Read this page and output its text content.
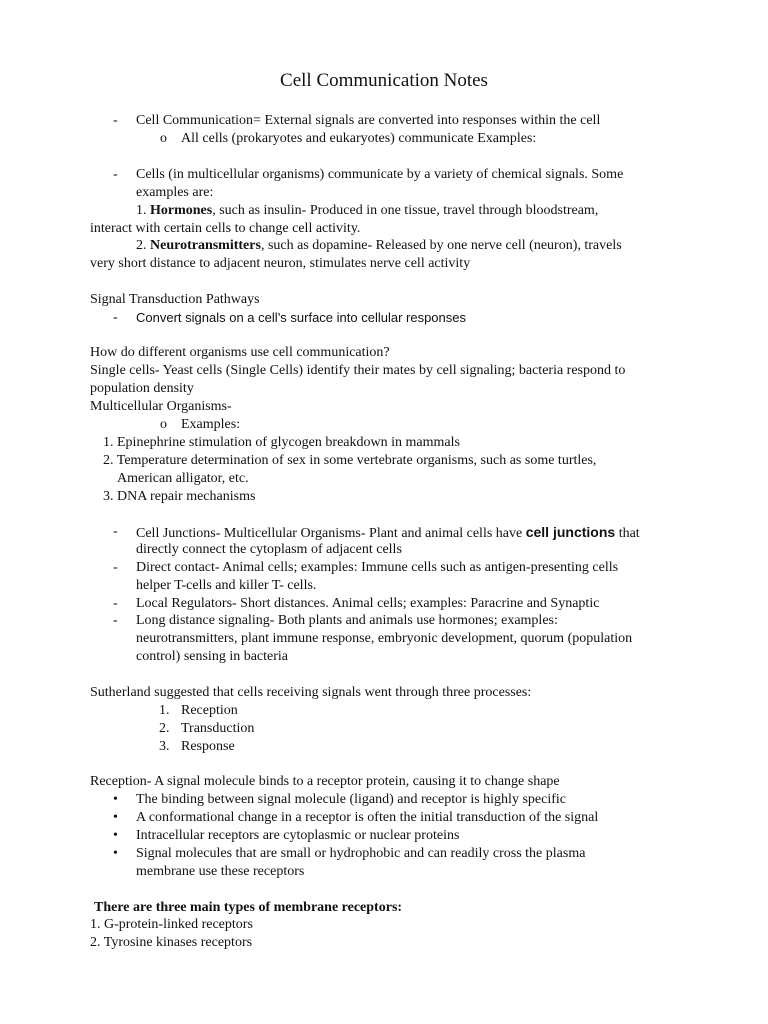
Cell Communication Notes
- Cell Communication= External signals are converted into responses within the cell
o All cells (prokaryotes and eukaryotes) communicate Examples:
- Cells (in multicellular organisms) communicate by a variety of chemical signals. Some
examples are:
1. Hormones, such as insulin- Produced in one tissue, travel through bloodstream,
interact with certain cells to change cell activity.
2. Neurotransmitters, such as dopamine- Released by one nerve cell (neuron), travels
very short distance to adjacent neuron, stimulates nerve cell activity
Signal Transduction Pathways
- Convert signals on a cell’s surface into cellular responses
How do different organisms use cell communication?
Single cells- Yeast cells (Single Cells) identify their mates by cell signaling; bacteria respond to
population density
Multicellular Organisms-
o Examples:
1. Epinephrine stimulation of glycogen breakdown in mammals
2. Temperature determination of sex in some vertebrate organisms, such as some turtles,
American alligator, etc.
3. DNA repair mechanisms
- Cell Junctions- Multicellular Organisms- Plant and animal cells have cell junctions that
directly connect the cytoplasm of adjacent cells
- Direct contact- Animal cells; examples: Immune cells such as antigen-presenting cells
helper T-cells and killer T- cells.
- Local Regulators- Short distances. Animal cells; examples: Paracrine and Synaptic
- Long distance signaling- Both plants and animals use hormones; examples:
neurotransmitters, plant immune response, embryonic development, quorum (population
control) sensing in bacteria
Sutherland suggested that cells receiving signals went through three processes:
1. Reception
2. Transduction
3. Response
Reception- A signal molecule binds to a receptor protein, causing it to change shape
• The binding between signal molecule (ligand) and receptor is highly specific
• A conformational change in a receptor is often the initial transduction of the signal
• Intracellular receptors are cytoplasmic or nuclear proteins
• Signal molecules that are small or hydrophobic and can readily cross the plasma
membrane use these receptors
There are three main types of membrane receptors:
1. G-protein-linked receptors
2. Tyrosine kinases receptors
